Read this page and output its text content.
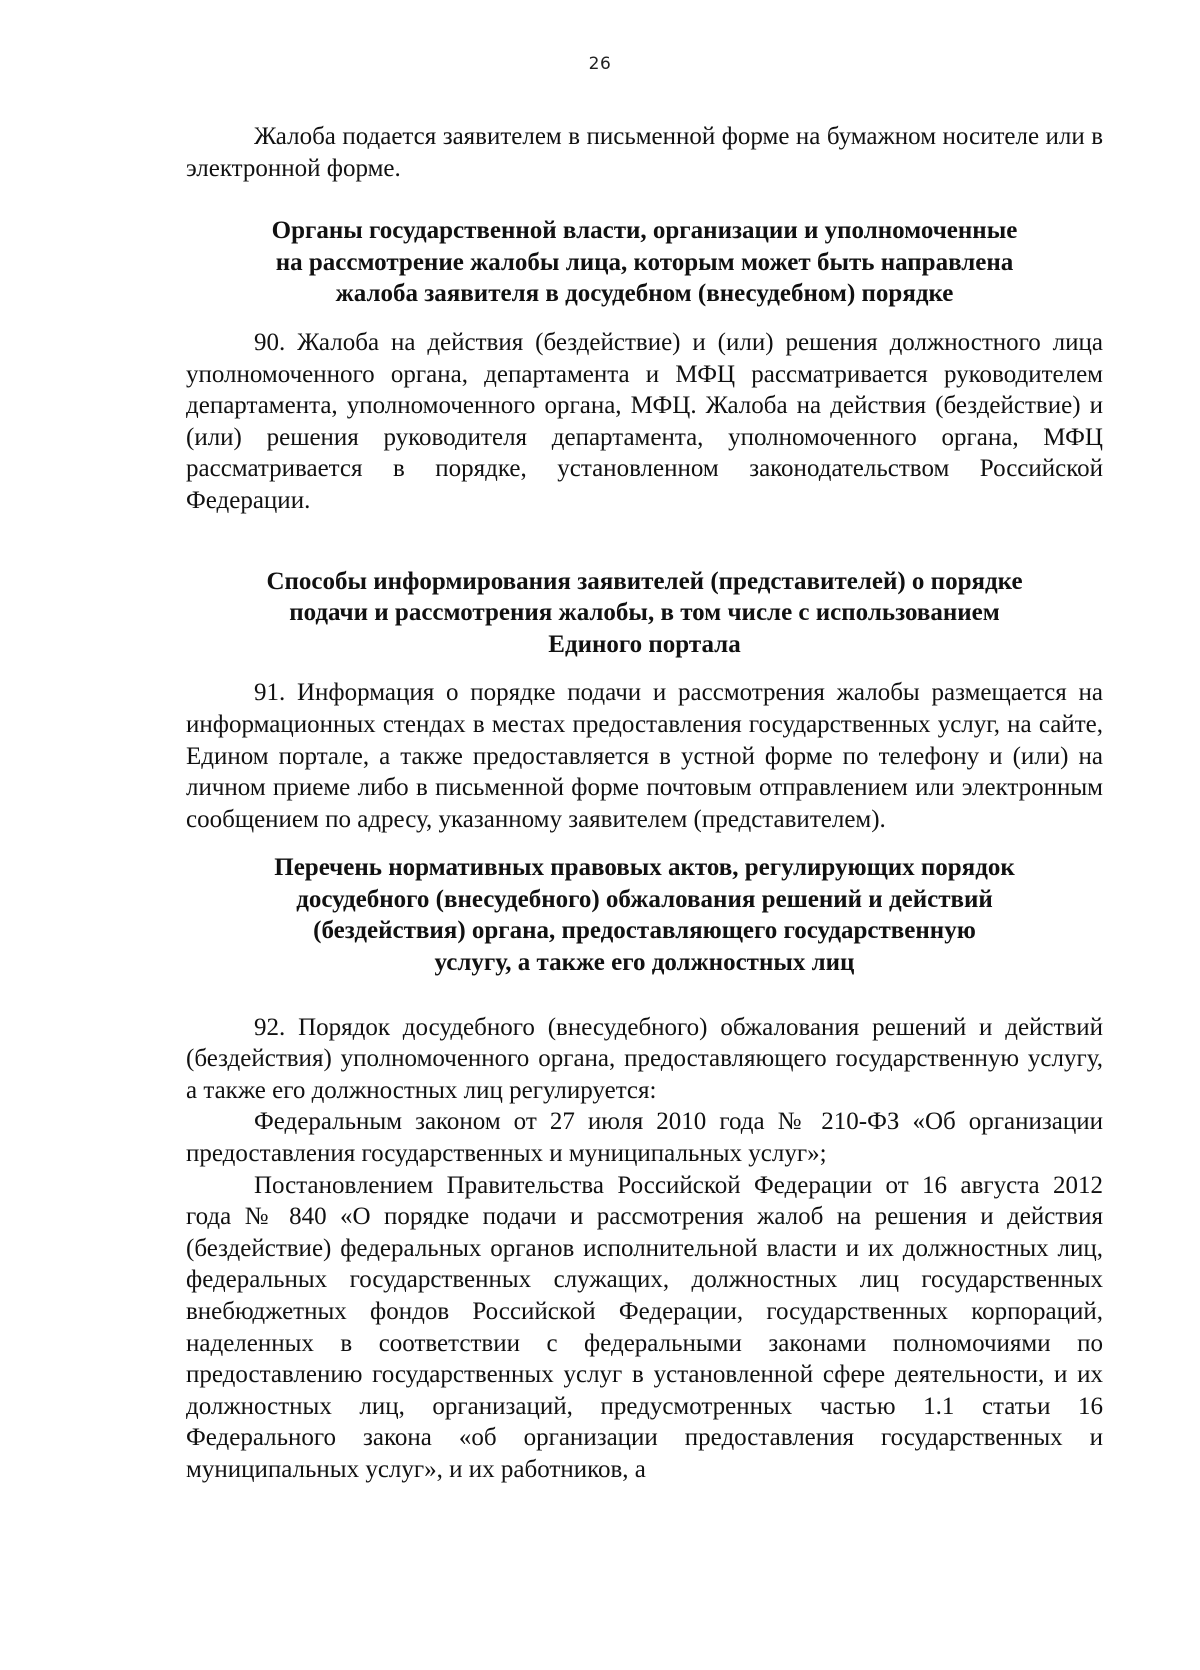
26

Жалоба подается заявителем в письменной форме на бумажном носителе или в электронной форме.

Органы государственной власти, организации и уполномоченные
на рассмотрение жалобы лица, которым может быть направлена
жалоба заявителя в досудебном (внесудебном) порядке

90. Жалоба на действия (бездействие) и (или) решения должностного лица уполномоченного органа, департамента и МФЦ рассматривается руководителем департамента, уполномоченного органа, МФЦ. Жалоба на действия (бездействие) и (или) решения руководителя департамента, уполномоченного органа, МФЦ рассматривается в порядке, установленном законодательством Российской Федерации.

Способы информирования заявителей (представителей) о порядке
подачи и рассмотрения жалобы, в том числе с использованием
Единого портала

91. Информация о порядке подачи и рассмотрения жалобы размещается на информационных стендах в местах предоставления государственных услуг, на сайте, Едином портале, а также предоставляется в устной форме по телефону и (или) на личном приеме либо в письменной форме почтовым отправлением или электронным сообщением по адресу, указанному заявителем (представителем).

Перечень нормативных правовых актов, регулирующих порядок
досудебного (внесудебного) обжалования решений и действий
(бездействия) органа, предоставляющего государственную
услугу, а также его должностных лиц

92. Порядок досудебного (внесудебного) обжалования решений и действий (бездействия) уполномоченного органа, предоставляющего государственную услугу, а также его должностных лиц регулируется:

Федеральным законом от 27 июля 2010 года № 210-ФЗ «Об организации предоставления государственных и муниципальных услуг»;

Постановлением Правительства Российской Федерации от 16 августа 2012 года № 840 «О порядке подачи и рассмотрения жалоб на решения и действия (бездействие) федеральных органов исполнительной власти и их должностных лиц, федеральных государственных служащих, должностных лиц государственных внебюджетных фондов Российской Федерации, государственных корпораций, наделенных в соответствии с федеральными законами полномочиями по предоставлению государственных услуг в установленной сфере деятельности, и их должностных лиц, организаций, предусмотренных частью 1.1 статьи 16 Федерального закона «об организации предоставления государственных и муниципальных услуг», и их работников, а
